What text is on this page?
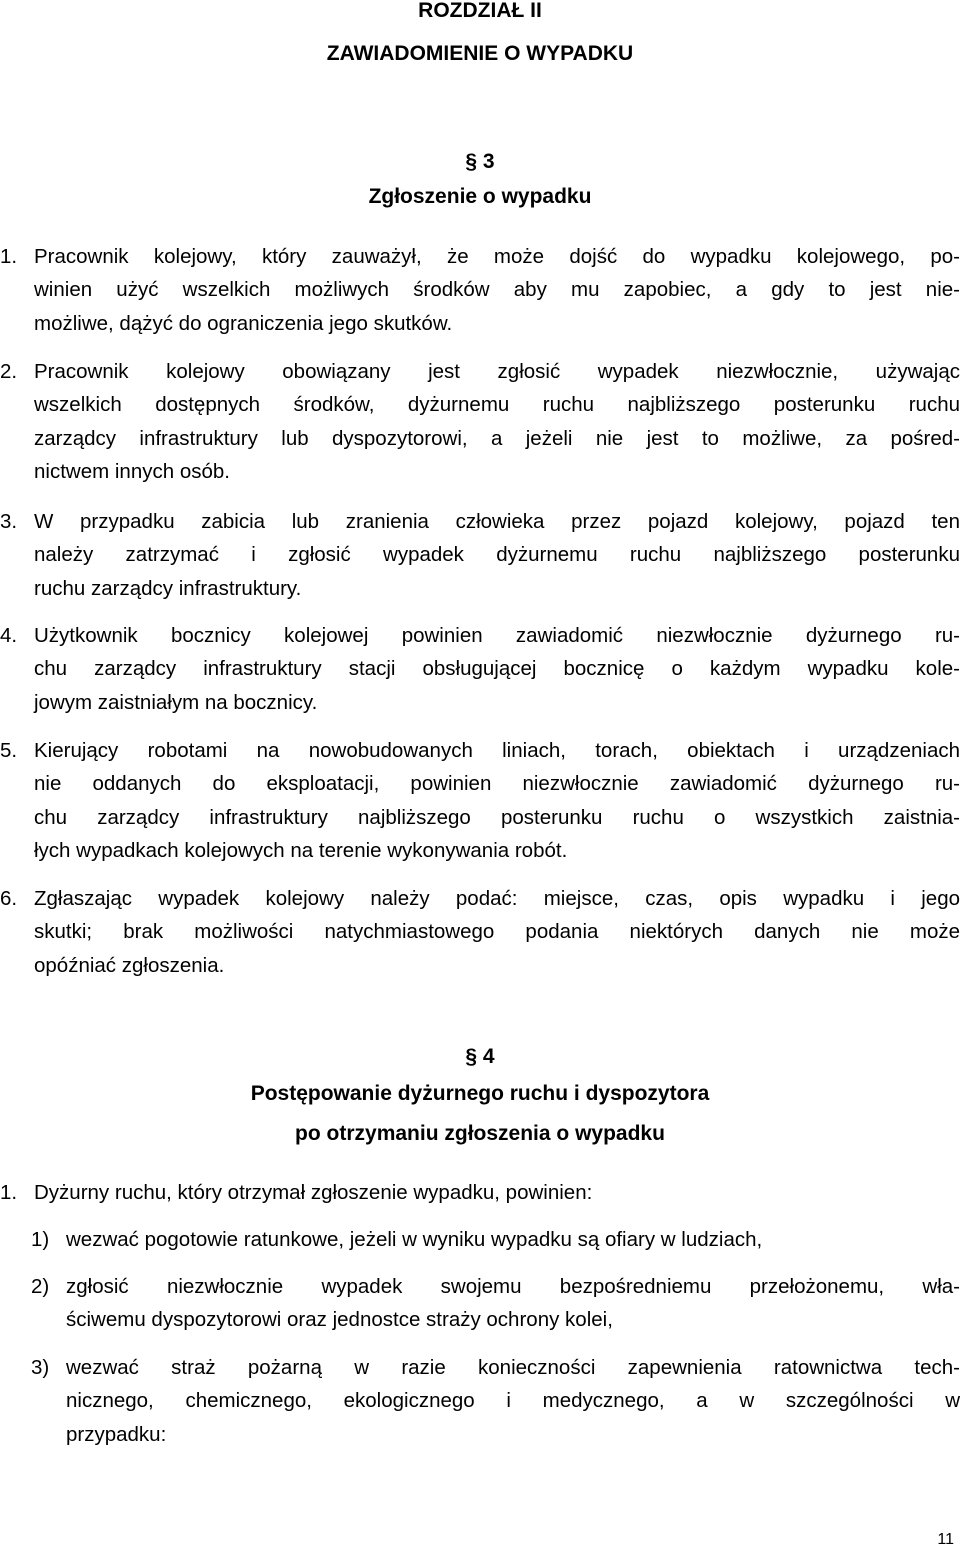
ROZDZIAŁ II
ZAWIADOMIENIE O WYPADKU
§ 3
Zgłoszenie o wypadku
1. Pracownik kolejowy, który zauważył, że może dojść do wypadku kolejowego, po-
winien użyć wszelkich możliwych środków aby mu zapobiec, a gdy to jest nie-
możliwe, dążyć do ograniczenia jego skutków.
2. Pracownik kolejowy obowiązany jest zgłosić wypadek niezwłocznie, używając
wszelkich dostępnych środków, dyżurnemu ruchu najbliższego posterunku ruchu
zarządcy infrastruktury lub dyspozytorowi, a jeżeli nie jest to możliwe, za pośred-
nictwem innych osób.
3. W przypadku zabicia lub zranienia człowieka przez pojazd kolejowy, pojazd ten
należy zatrzymać i zgłosić wypadek dyżurnemu ruchu najbliższego posterunku
ruchu zarządcy infrastruktury.
4. Użytkownik bocznicy kolejowej powinien zawiadomić niezwłocznie dyżurnego ru-
chu zarządcy infrastruktury stacji obsługującej bocznicę o każdym wypadku kole-
jowym zaistniałym na bocznicy.
5. Kierujący robotami na nowobudowanych liniach, torach, obiektach i urządzeniach
nie oddanych do eksploatacji, powinien niezwłocznie zawiadomić dyżurnego ru-
chu zarządcy infrastruktury najbliższego posterunku ruchu o wszystkich zaistnia-
łych wypadkach kolejowych na terenie wykonywania robót.
6. Zgłaszając wypadek kolejowy należy podać: miejsce, czas, opis wypadku i jego
skutki; brak możliwości natychmiastowego podania niektórych danych nie może
opóźniać zgłoszenia.
§ 4
Postępowanie dyżurnego ruchu i dyspozytora
po otrzymaniu zgłoszenia o wypadku
1. Dyżurny ruchu, który otrzymał zgłoszenie wypadku, powinien:
1) wezwać pogotowie ratunkowe, jeżeli w wyniku wypadku są ofiary w ludziach,
2) zgłosić niezwłocznie wypadek swojemu bezpośredniemu przełożonemu, wła-
ściwemu dyspozytorowi oraz jednostce straży ochrony kolei,
3) wezwać straż pożarną w razie konieczności zapewnienia ratownictwa tech-
nicznego, chemicznego, ekologicznego i medycznego, a w szczególności w
przypadku:
11
